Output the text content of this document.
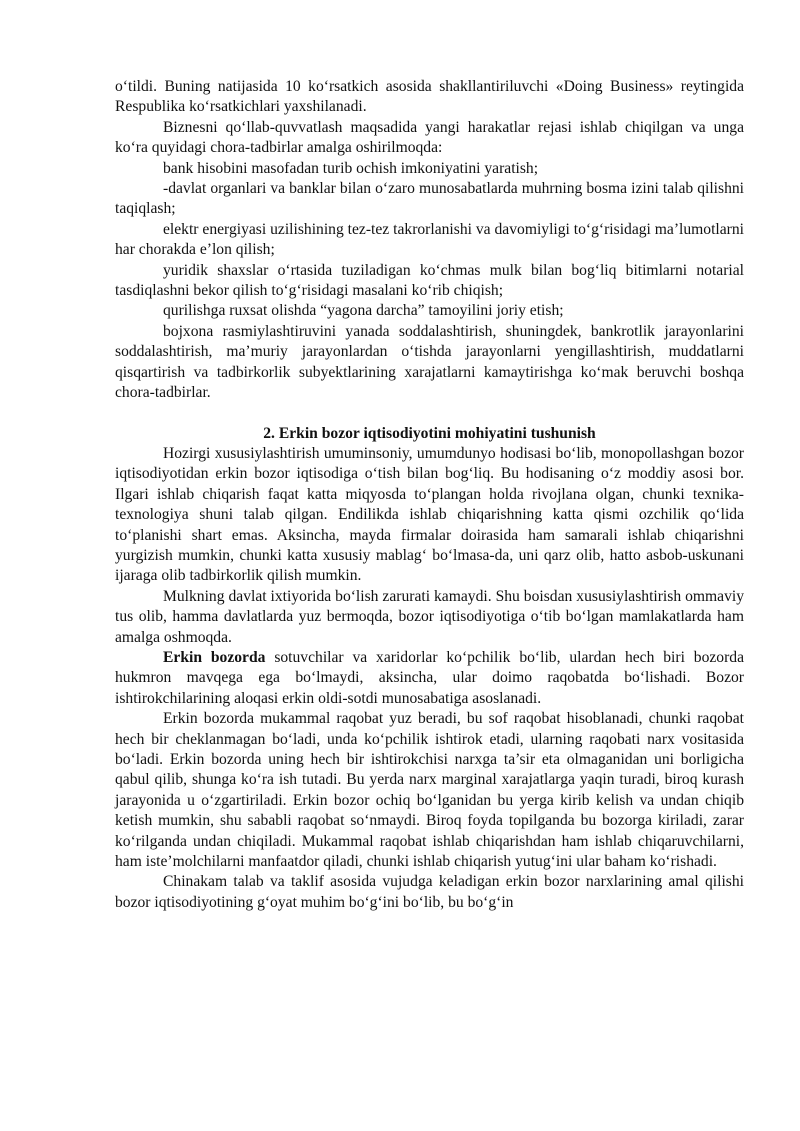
o‘tildi. Buning natijasida 10 ko‘rsatkich asosida shakllantiriluvchi «Doing Business» reytingida Respublika ko‘rsatkichlari yaxshilanadi.

Biznesni qo‘llab-quvvatlash maqsadida yangi harakatlar rejasi ishlab chiqilgan va unga ko‘ra quyidagi chora-tadbirlar amalga oshirilmoqda:

bank hisobini masofadan turib ochish imkoniyatini yaratish;

-davlat organlari va banklar bilan o‘zaro munosabatlarda muhrning bosma izini talab qilishni taqiqlash;

elektr energiyasi uzilishining tez-tez takrorlanishi va davomiyligi to‘g‘risidagi ma’lumotlarni har chorakda e’lon qilish;

yuridik shaxslar o‘rtasida tuziladigan ko‘chmas mulk bilan bog‘liq bitimlarni notarial tasdiqlashni bekor qilish to‘g‘risidagi masalani ko‘rib chiqish;

qurilishga ruxsat olishda “yagona darcha” tamoyilini joriy etish;

bojxona rasmiylashtiruvini yanada soddalashtirish, shuningdek, bankrotlik jarayonlarini soddalashtirish, ma’muriy jarayonlardan o‘tishda jarayonlarni yengillashtirish, muddatlarni qisqartirish va tadbirkorlik subyektlarining xarajatlarni kamaytirishga ko‘mak beruvchi boshqa chora-tadbirlar.

2. Erkin bozor iqtisodiyotini mohiyatini tushunish

Hozirgi xususiylashtirish umuminsoniy, umumdunyo hodisasi bo‘lib, monopollashgan bozor iqtisodiyotidan erkin bozor iqtisodiga o‘tish bilan bog‘liq. Bu hodisaning o‘z moddiy asosi bor. Ilgari ishlab chiqarish faqat katta miqyosda to‘plangan holda rivojlana olgan, chunki texnika-texnologiya shuni talab qilgan. Endilikda ishlab chiqarishning katta qismi ozchilik qo‘lida to‘planishi shart emas. Aksincha, mayda firmalar doirasida ham samarali ishlab chiqarishni yurgizish mumkin, chunki katta xususiy mablag‘ bo‘lmasa-da, uni qarz olib, hatto asbob-uskunani ijaraga olib tadbirkorlik qilish mumkin.

Mulkning davlat ixtiyorida bo‘lish zarurati kamaydi. Shu boisdan xususiylashtirish ommaviy tus olib, hamma davlatlarda yuz bermoqda, bozor iqtisodiyotiga o‘tib bo‘lgan mamlakatlarda ham amalga oshmoqda.

Erkin bozorda sotuvchilar va xaridorlar ko‘pchilik bo‘lib, ulardan hech biri bozorda hukmron mavqega ega bo‘lmaydi, aksincha, ular doimo raqobatda bo‘lishadi. Bozor ishtirokchilarining aloqasi erkin oldi-sotdi munosabatiga asoslanadi.

Erkin bozorda mukammal raqobat yuz beradi, bu sof raqobat hisoblanadi, chunki raqobat hech bir cheklanmagan bo‘ladi, unda ko‘pchilik ishtirok etadi, ularning raqobati narx vositasida bo‘ladi. Erkin bozorda uning hech bir ishtirokchisi narxga ta’sir eta olmaganidan uni borligicha qabul qilib, shunga ko‘ra ish tutadi. Bu yerda narx marginal xarajatlarga yaqin turadi, biroq kurash jarayonida u o‘zgartiriladi. Erkin bozor ochiq bo‘lganidan bu yerga kirib kelish va undan chiqib ketish mumkin, shu sababli raqobat so‘nmaydi. Biroq foyda topilganda bu bozorga kiriladi, zarar ko‘rilganda undan chiqiladi. Mukammal raqobat ishlab chiqarishdan ham ishlab chiqaruvchilarni, ham iste’molchilarni manfaatdor qiladi, chunki ishlab chiqarish yutug‘ini ular baham ko‘rishadi.

Chinakam talab va taklif asosida vujudga keladigan erkin bozor narxlarining amal qilishi bozor iqtisodiyotining g‘oyat muhim bo‘g‘ini bo‘lib, bu bo‘g‘in
